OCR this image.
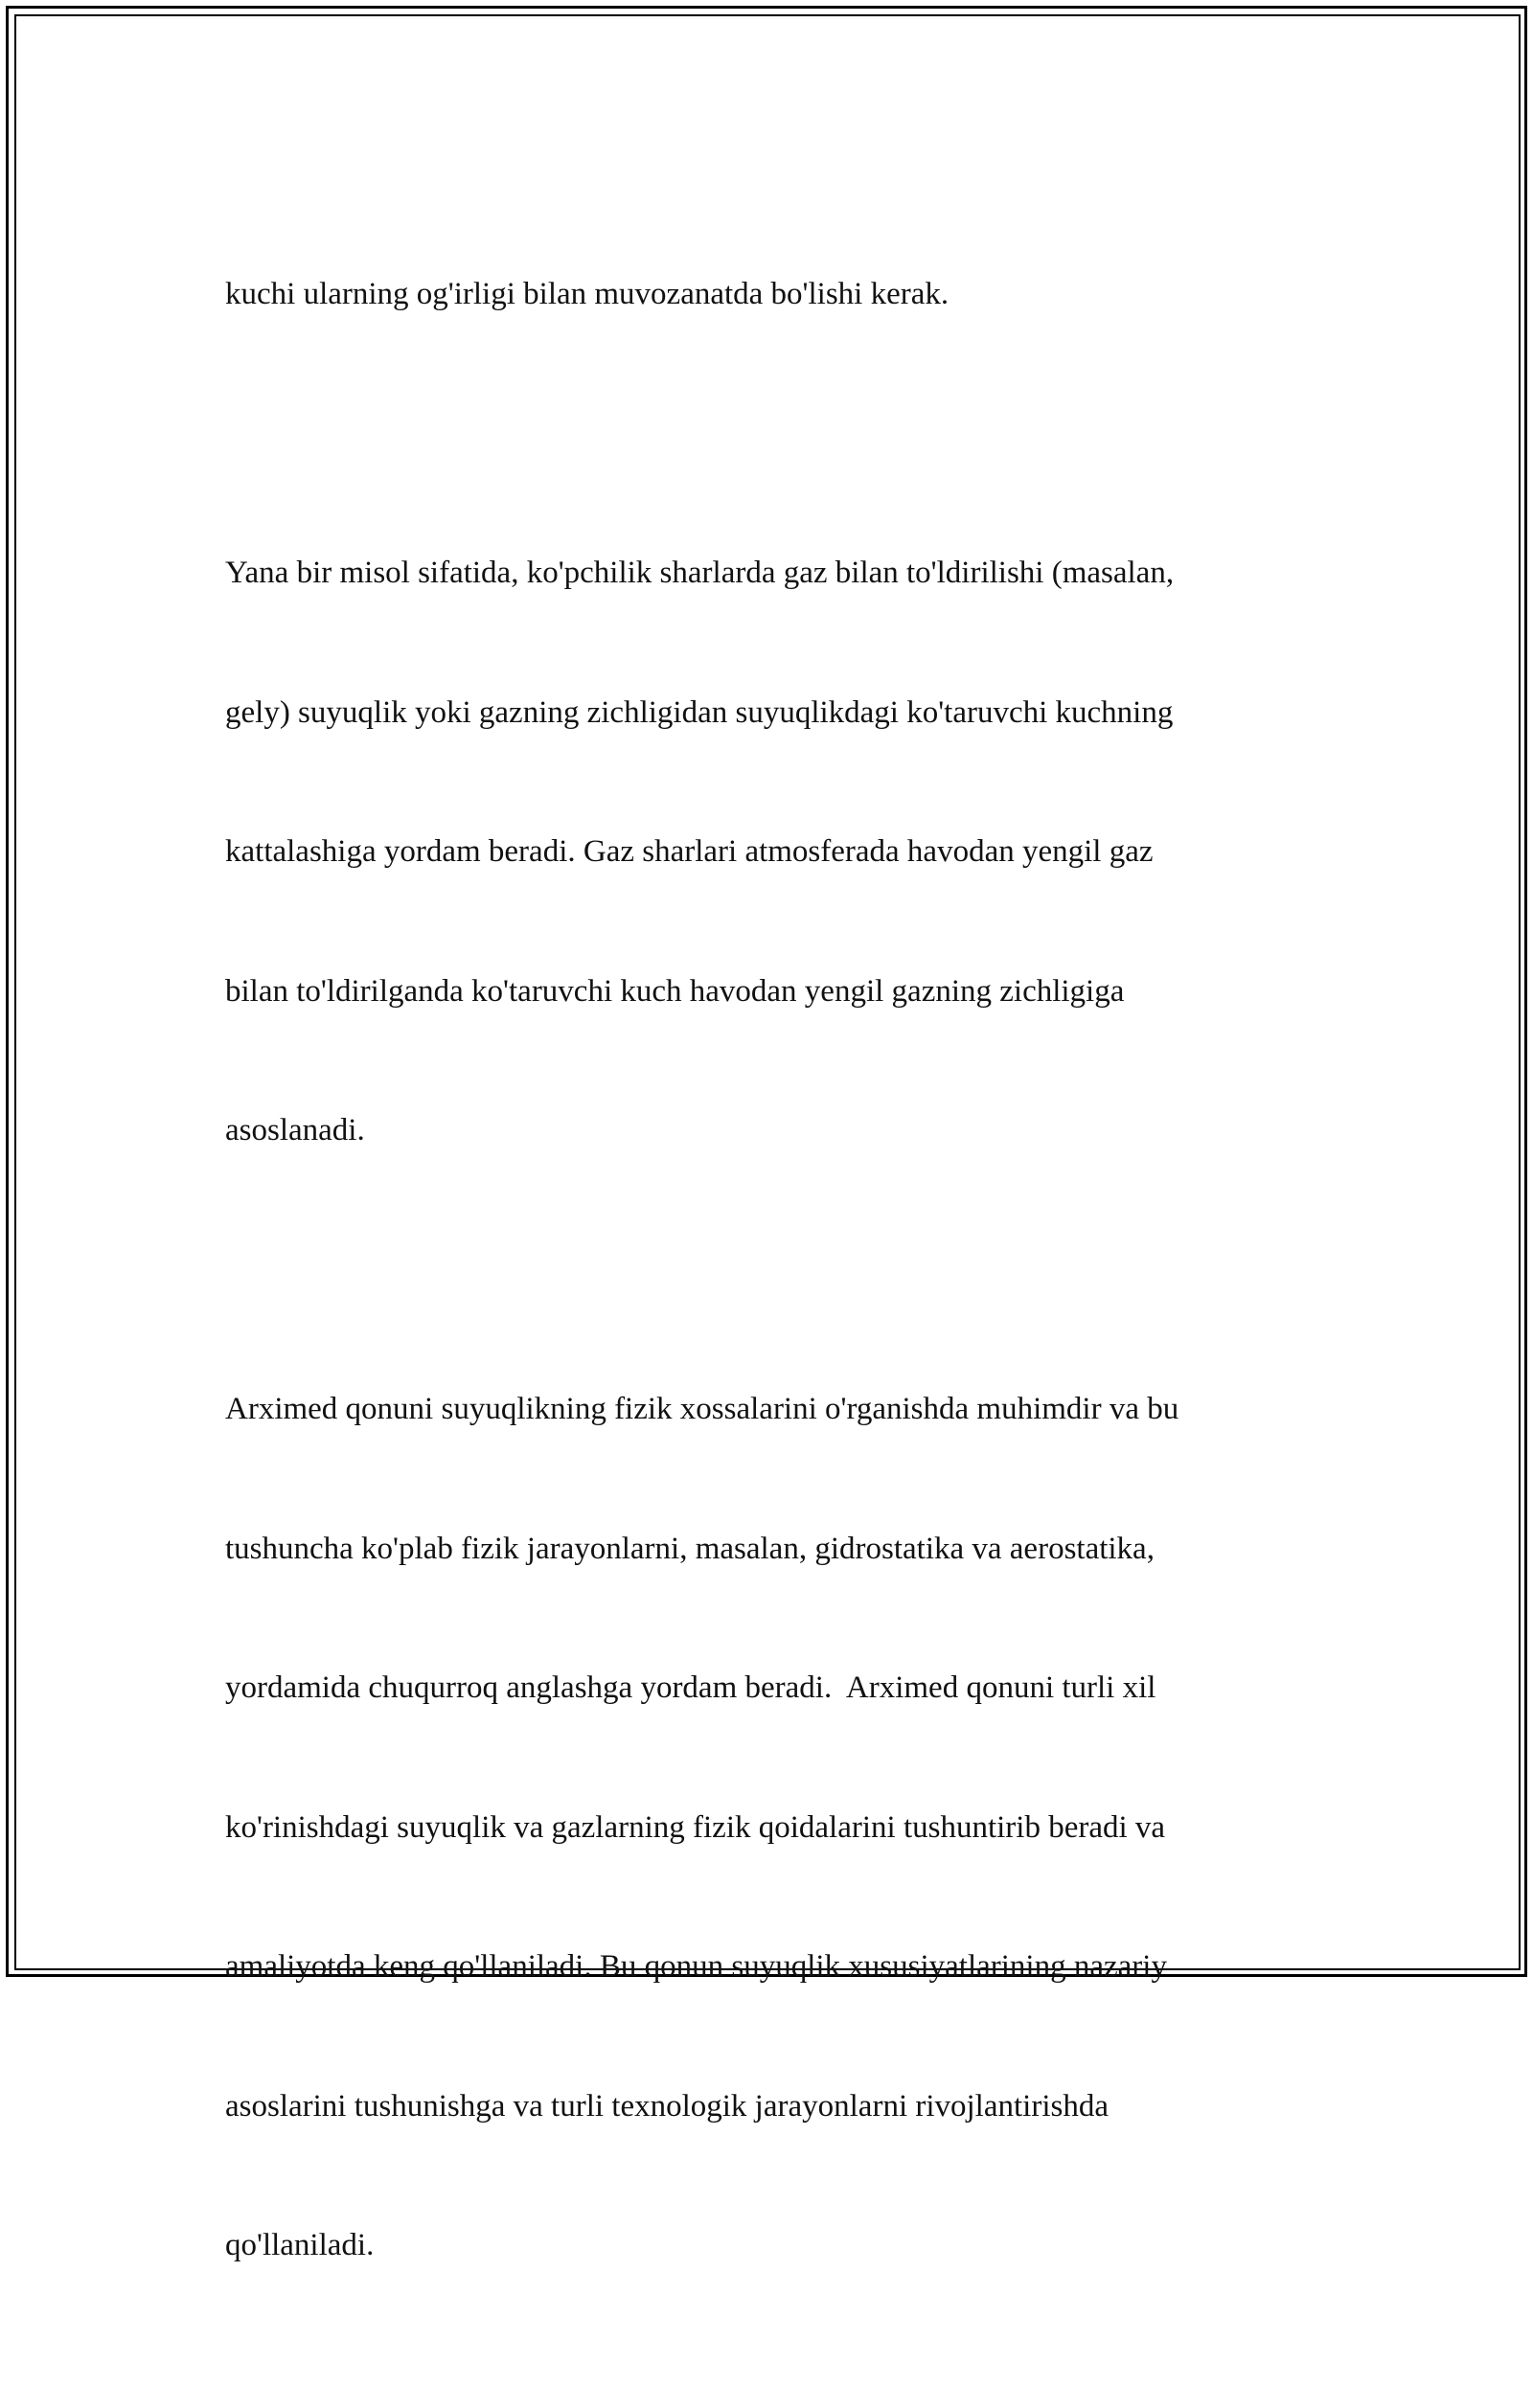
kuchi ularning og'irligi bilan muvozanatda bo'lishi kerak.

Yana bir misol sifatida, ko'pchilik sharlarda gaz bilan to'ldirilishi (masalan,

gely) suyuqlik yoki gazning zichligidan suyuqlikdagi ko'taruvchi kuchning

kattalashiga yordam beradi. Gaz sharlari atmosferada havodan yengil gaz

bilan to'ldirilganda ko'taruvchi kuch havodan yengil gazning zichligiga

asoslanadi.

Arximed qonuni suyuqlikning fizik xossalarini o'rganishda muhimdir va bu

tushuncha ko'plab fizik jarayonlarni, masalan, gidrostatika va aerostatika,

yordamida chuqurroq anglashga yordam beradi.  Arximed qonuni turli xil

ko'rinishdagi suyuqlik va gazlarning fizik qoidalarini tushuntirib beradi va

amaliyotda keng qo'llaniladi. Bu qonun suyuqlik xususiyatlarining nazariy

asoslarini tushunishga va turli texnologik jarayonlarni rivojlantirishda

qo'llaniladi.
